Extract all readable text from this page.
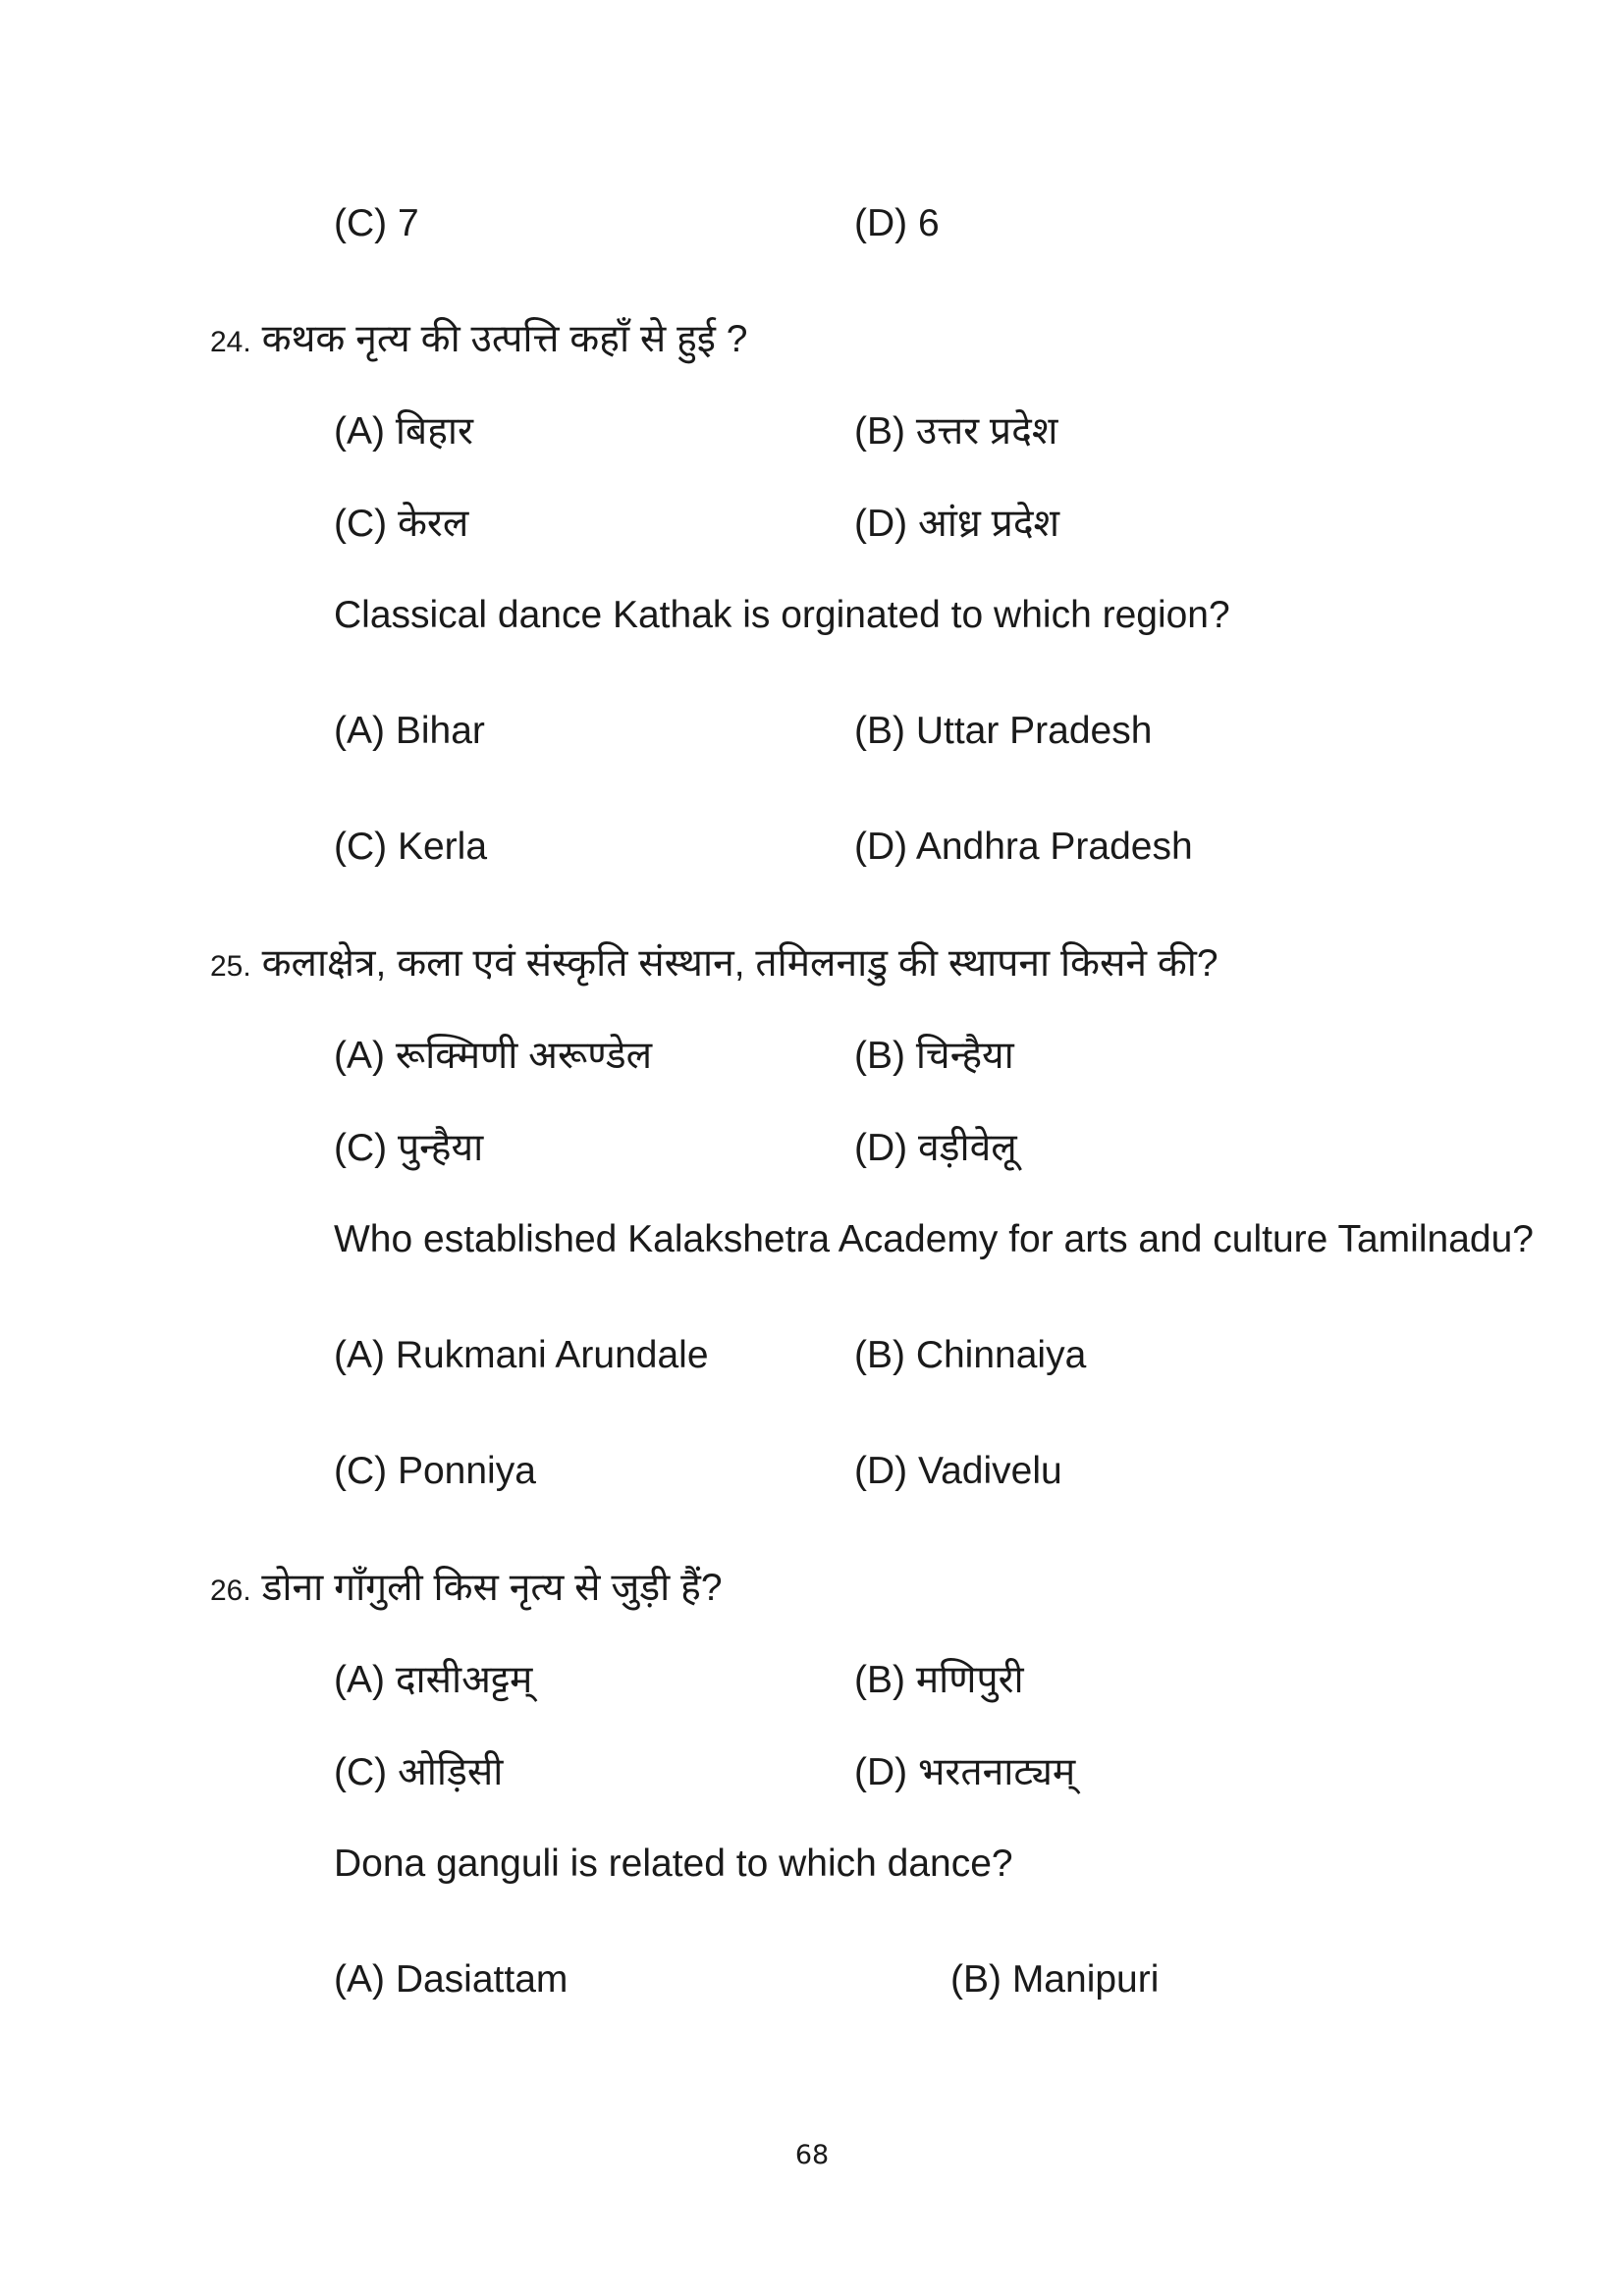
(C) 7	(D) 6
24. कथक नृत्य की उत्पत्ति कहाँ से हुई ?
(A) बिहार	(B) उत्तर प्रदेश
(C) केरल	(D) आंध्र प्रदेश
Classical dance Kathak is orginated to which region?
(A) Bihar	(B) Uttar Pradesh
(C) Kerla	(D) Andhra Pradesh
25. कलाक्षेत्र, कला एवं संस्कृति संस्थान, तमिलनाडु की स्थापना किसने की?
(A) रूक्मिणी अरूण्डेल	(B) चिन्हैया
(C) पुन्हैया	(D) वड़ीवेलू
Who established Kalakshetra Academy for arts and culture Tamilnadu?
(A) Rukmani Arundale	(B) Chinnaiya
(C) Ponniya	(D) Vadivelu
26. डोना गाँगुली किस नृत्य से जुड़ी हैं?
(A) दासीअट्टम्	(B) मणिपुरी
(C) ओड़िसी	(D) भरतनाट्यम्
Dona ganguli is related to which dance?
(A) Dasiattam	(B) Manipuri
68
